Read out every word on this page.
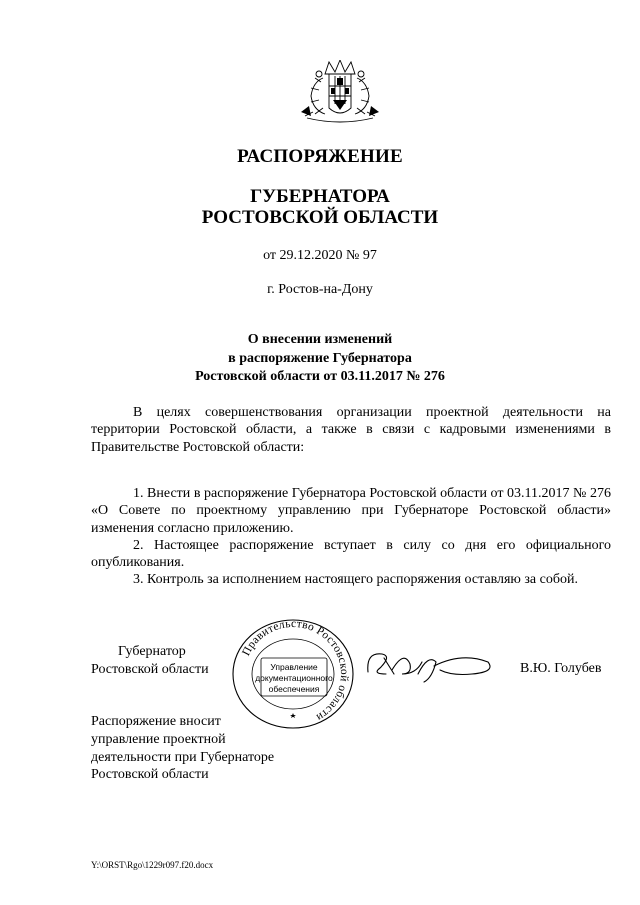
РАСПОРЯЖЕНИЕ
ГУБЕРНАТОРА
РОСТОВСКОЙ ОБЛАСТИ
от 29.12.2020 № 97
г. Ростов-на-Дону
О внесении изменений
в распоряжение Губернатора
Ростовской области от 03.11.2017 № 276

В целях совершенствования организации проектной деятельности на территории Ростовской области, а также в связи с кадровыми изменениями в Правительстве Ростовской области:

1. Внести в распоряжение Губернатора Ростовской области от 03.11.2017 № 276 «О Совете по проектному управлению при Губернаторе Ростовской области» изменения согласно приложению.

2. Настоящее распоряжение вступает в силу со дня его официального опубликования.

3. Контроль за исполнением настоящего распоряжения оставляю за собой.

Губернатор
Ростовской области
Правительство Ростовской области
Управление
документационного
обеспечения
В.Ю. Голубев
Распоряжение вносит
управление проектной
деятельности при Губернаторе
Ростовской области
Y:\ORST\Rgo\1229r097.f20.docx
